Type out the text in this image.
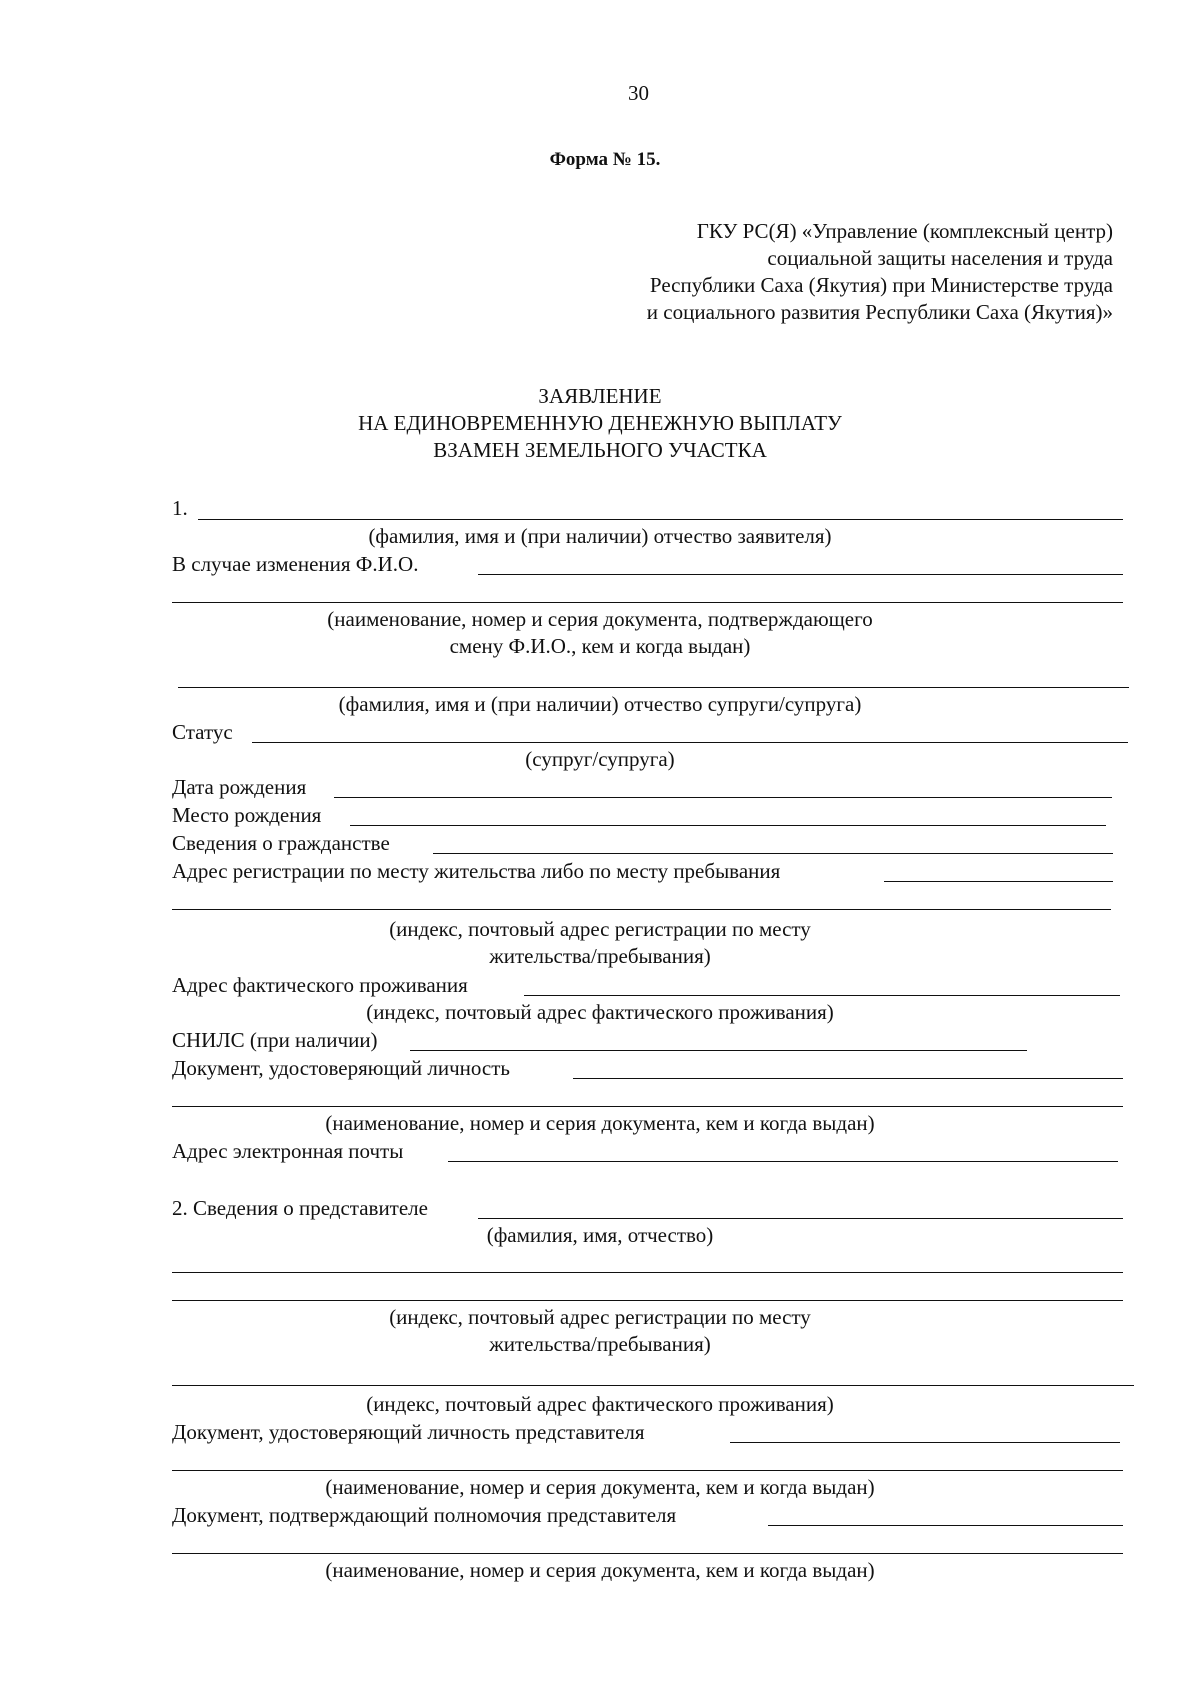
30
Форма № 15.
ГКУ РС(Я) «Управление (комплексный центр)
социальной защиты населения и труда
Республики Саха (Якутия) при Министерстве труда
и социального развития Республики Саха (Якутия)»
ЗАЯВЛЕНИЕ
НА ЕДИНОВРЕМЕННУЮ ДЕНЕЖНУЮ ВЫПЛАТУ
ВЗАМЕН ЗЕМЕЛЬНОГО УЧАСТКА
1.
(фамилия, имя и (при наличии) отчество заявителя)
В случае изменения Ф.И.О.
(наименование, номер и серия документа, подтверждающего
смену Ф.И.О., кем и когда выдан)
(фамилия, имя и (при наличии) отчество супруги/супруга)
Статус
(супруг/супруга)
Дата рождения
Место рождения
Сведения о гражданстве
Адрес регистрации по месту жительства либо по месту пребывания
(индекс, почтовый адрес регистрации по месту
жительства/пребывания)
Адрес фактического проживания
(индекс, почтовый адрес фактического проживания)
СНИЛС (при наличии)
Документ, удостоверяющий личность
(наименование, номер и серия документа, кем и когда выдан)
Адрес электронная почты
2. Сведения о представителе
(фамилия, имя, отчество)
(индекс, почтовый адрес регистрации по месту
жительства/пребывания)
(индекс, почтовый адрес фактического проживания)
Документ, удостоверяющий личность представителя
(наименование, номер и серия документа, кем и когда выдан)
Документ, подтверждающий полномочия представителя
(наименование, номер и серия документа, кем и когда выдан)
